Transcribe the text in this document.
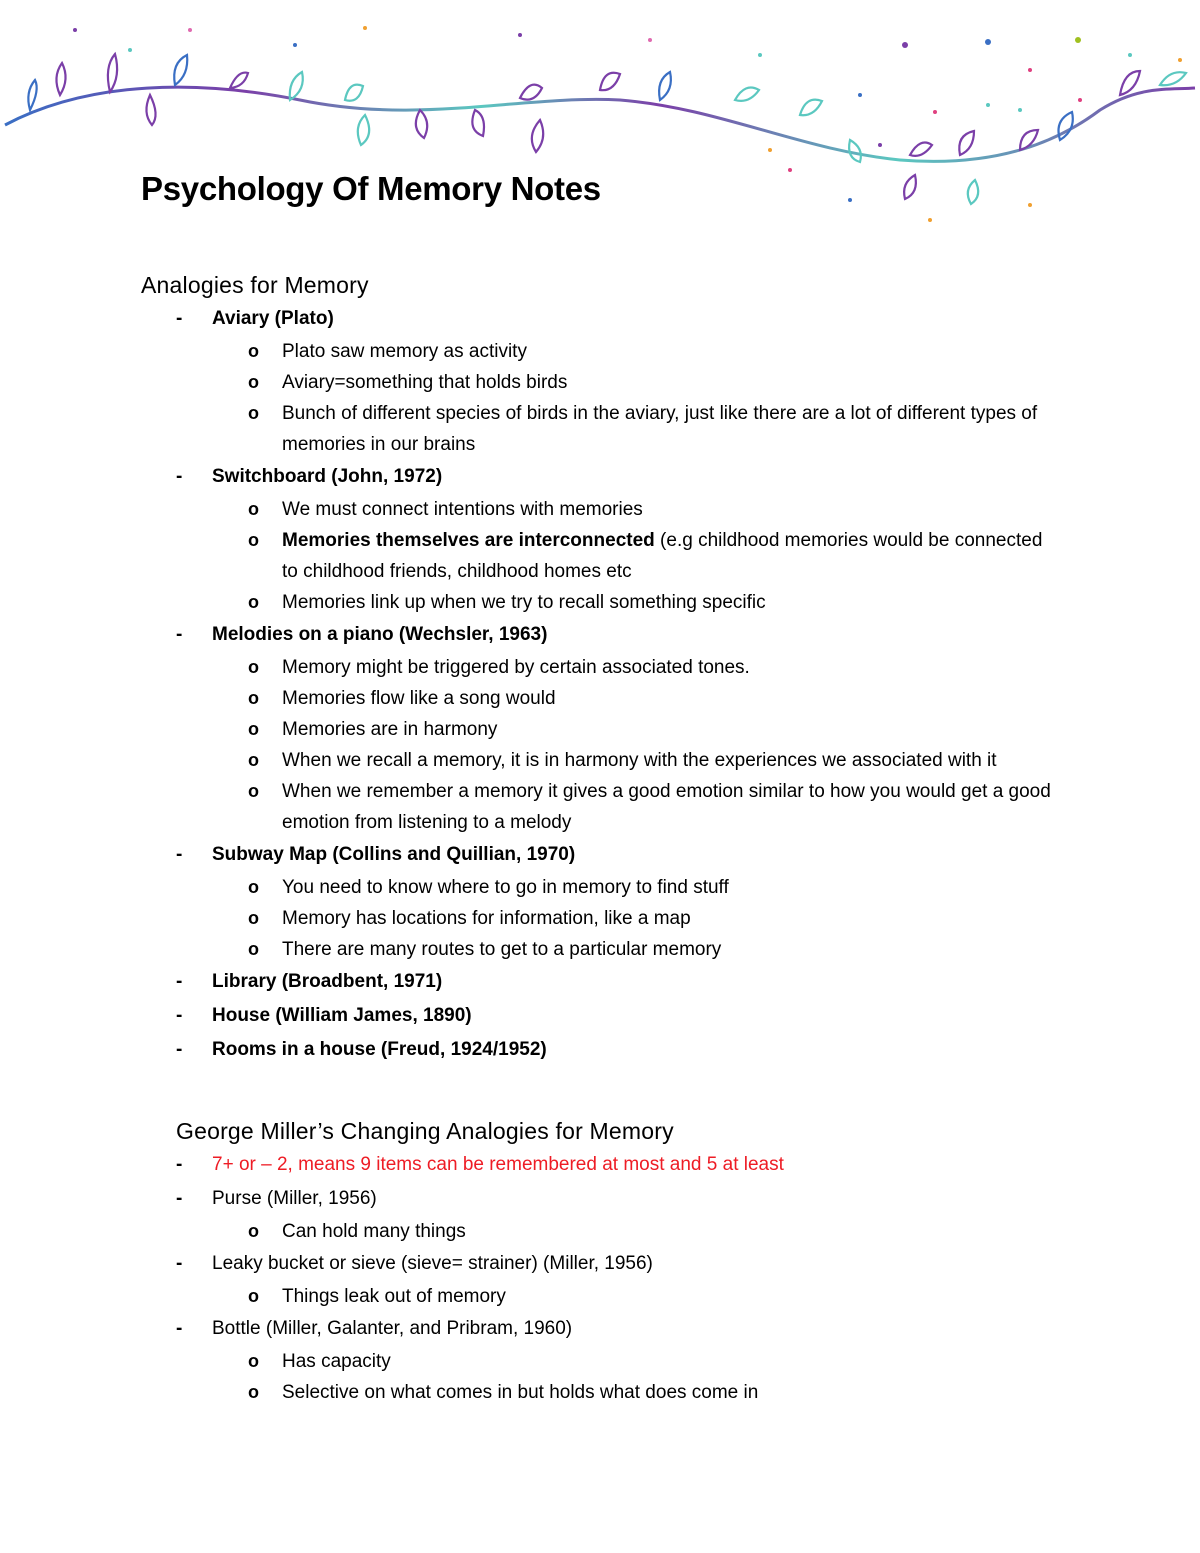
Psychology Of Memory Notes
Analogies for Memory
- Aviary (Plato)
o Plato saw memory as activity
o Aviary=something that holds birds
o Bunch of different species of birds in the aviary, just like there are a lot of different types of memories in our brains
- Switchboard (John, 1972)
o We must connect intentions with memories
o Memories themselves are interconnected (e.g childhood memories would be connected to childhood friends, childhood homes etc
o Memories link up when we try to recall something specific
- Melodies on a piano (Wechsler, 1963)
o Memory might be triggered by certain associated tones.
o Memories flow like a song would
o Memories are in harmony
o When we recall a memory, it is in harmony with the experiences we associated with it
o When we remember a memory it gives a good emotion similar to how you would get a good emotion from listening to a melody
- Subway Map (Collins and Quillian, 1970)
o You need to know where to go in memory to find stuff
o Memory has locations for information, like a map
o There are many routes to get to a particular memory
- Library (Broadbent, 1971)
- House (William James, 1890)
- Rooms in a house (Freud, 1924/1952)
George Miller’s Changing Analogies for Memory
- 7+ or – 2, means 9 items can be remembered at most and 5 at least
- Purse (Miller, 1956)
o Can hold many things
- Leaky bucket or sieve (sieve= strainer) (Miller, 1956)
o Things leak out of memory
- Bottle (Miller, Galanter, and Pribram, 1960)
o Has capacity
o Selective on what comes in but holds what does come in
